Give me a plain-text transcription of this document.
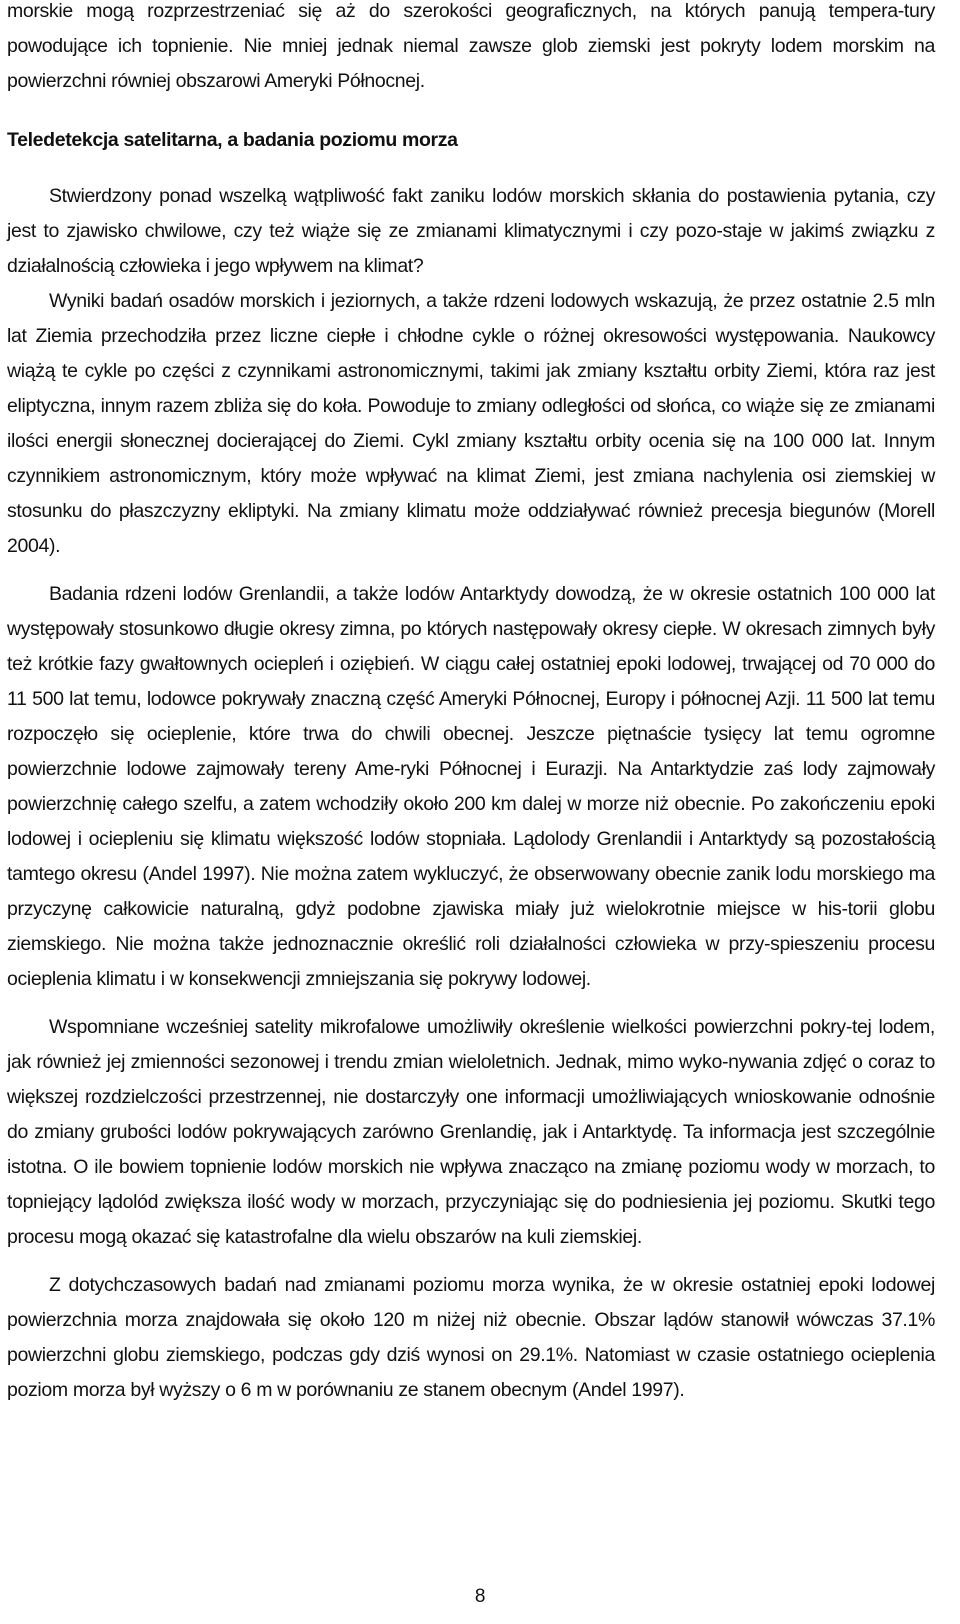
morskie mogą rozprzestrzeniać się aż do szerokości geograficznych, na których panują tempera-tury powodujące ich topnienie. Nie mniej jednak niemal zawsze glob ziemski jest pokryty lodem morskim na powierzchni równiej obszarowi Ameryki Północnej.

Teledetekcja satelitarna, a badania poziomu morza

Stwierdzony ponad wszelką wątpliwość fakt zaniku lodów morskich skłania do postawienia pytania, czy jest to zjawisko chwilowe, czy też wiąże się ze zmianami klimatycznymi i czy pozo-staje w jakimś związku z działalnością człowieka i jego wpływem na klimat?

Wyniki badań osadów morskich i jeziornych, a także rdzeni lodowych wskazują, że przez ostatnie 2.5 mln lat Ziemia przechodziła przez liczne ciepłe i chłodne cykle o różnej okresowości występowania. Naukowcy wiążą te cykle po części z czynnikami astronomicznymi, takimi jak zmiany kształtu orbity Ziemi, która raz jest eliptyczna, innym razem zbliża się do koła. Powoduje to zmiany odległości od słońca, co wiąże się ze zmianami ilości energii słonecznej docierającej do Ziemi. Cykl zmiany kształtu orbity ocenia się na 100 000 lat. Innym czynnikiem astronomicznym, który może wpływać na klimat Ziemi, jest zmiana nachylenia osi ziemskiej w stosunku do płaszczyzny ekliptyki. Na zmiany klimatu może oddziaływać również precesja biegunów (Morell 2004).

Badania rdzeni lodów Grenlandii, a także lodów Antarktydy dowodzą, że w okresie ostatnich 100 000 lat występowały stosunkowo długie okresy zimna, po których następowały okresy ciepłe. W okresach zimnych były też krótkie fazy gwałtownych ociepleń i oziębień. W ciągu całej ostatniej epoki lodowej, trwającej od 70 000 do 11 500 lat temu, lodowce pokrywały znaczną część Ameryki Północnej, Europy i północnej Azji. 11 500 lat temu rozpoczęło się ocieplenie, które trwa do chwili obecnej. Jeszcze piętnaście tysięcy lat temu ogromne powierzchnie lodowe zajmowały tereny Ame-ryki Północnej i Eurazji. Na Antarktydzie zaś lody zajmowały powierzchnię całego szelfu, a zatem wchodziły około 200 km dalej w morze niż obecnie. Po zakończeniu epoki lodowej i ociepleniu się klimatu większość lodów stopniała. Lądolody Grenlandii i Antarktydy są pozostałością tamtego okresu (Andel 1997). Nie można zatem wykluczyć, że obserwowany obecnie zanik lodu morskiego ma przyczynę całkowicie naturalną, gdyż podobne zjawiska miały już wielokrotnie miejsce w his-torii globu ziemskiego. Nie można także jednoznacznie określić roli działalności człowieka w przy-spieszeniu procesu ocieplenia klimatu i w konsekwencji zmniejszania się pokrywy lodowej.

Wspomniane wcześniej satelity mikrofalowe umożliwiły określenie wielkości powierzchni pokry-tej lodem, jak również jej zmienności sezonowej i trendu zmian wieloletnich. Jednak, mimo wyko-nywania zdjęć o coraz to większej rozdzielczości przestrzennej, nie dostarczyły one informacji umożliwiających wnioskowanie odnośnie do zmiany grubości lodów pokrywających zarówno Grenlandię, jak i Antarktydę. Ta informacja jest szczególnie istotna. O ile bowiem topnienie lodów morskich nie wpływa znacząco na zmianę poziomu wody w morzach, to topniejący lądolód zwiększa ilość wody w morzach, przyczyniając się do podniesienia jej poziomu. Skutki tego procesu mogą okazać się katastrofalne dla wielu obszarów na kuli ziemskiej.

Z dotychczasowych badań nad zmianami poziomu morza wynika, że w okresie ostatniej epoki lodowej powierzchnia morza znajdowała się około 120 m niżej niż obecnie. Obszar lądów stanowił wówczas 37.1% powierzchni globu ziemskiego, podczas gdy dziś wynosi on 29.1%. Natomiast w czasie ostatniego ocieplenia poziom morza był wyższy o 6 m w porównaniu ze stanem obecnym (Andel 1997).

8
